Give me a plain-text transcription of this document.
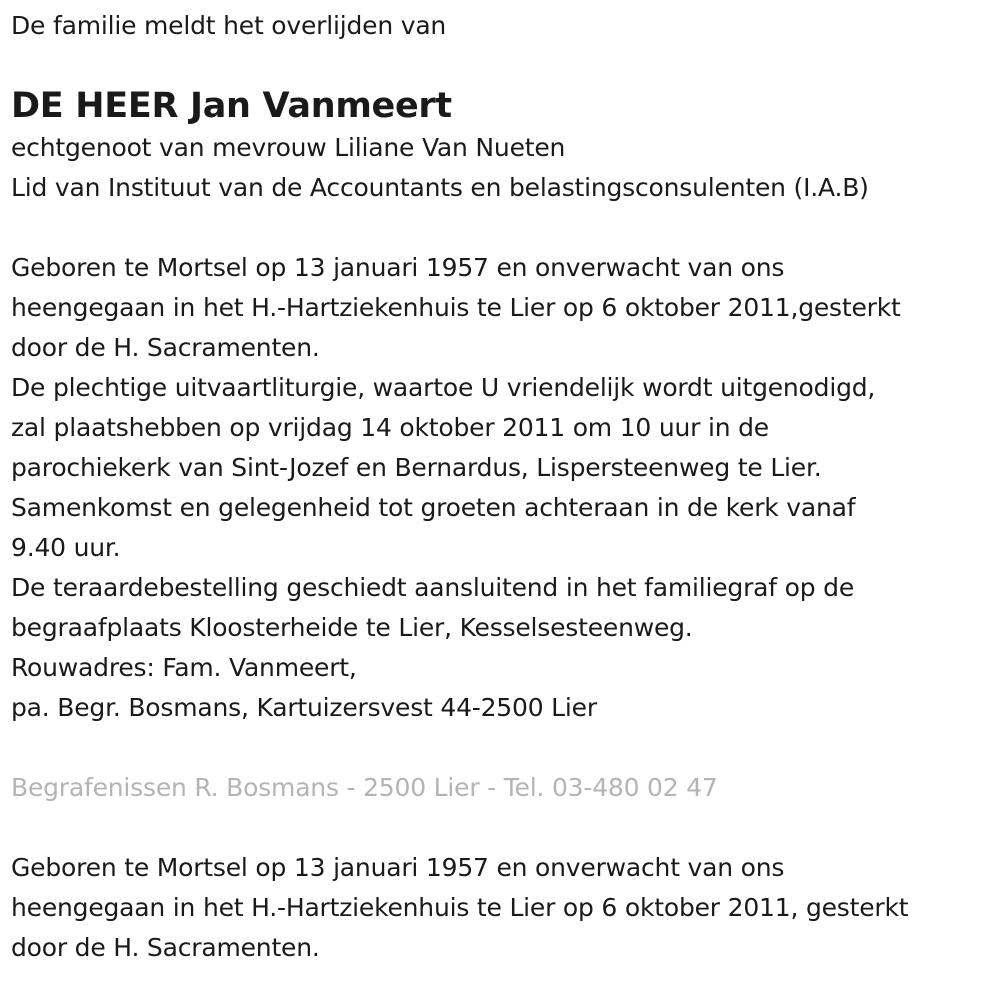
De familie meldt het overlijden van
DE HEER Jan Vanmeert
echtgenoot van mevrouw Liliane Van Nueten
Lid van Instituut van de Accountants en belastingsconsulenten (I.A.B)
Geboren te Mortsel op 13 januari 1957 en onverwacht van ons
heengegaan in het H.-Hartziekenhuis te Lier op 6 oktober 2011,gesterkt
door de H. Sacramenten.
De plechtige uitvaartliturgie, waartoe U vriendelijk wordt uitgenodigd,
zal plaatshebben op vrijdag 14 oktober 2011 om 10 uur in de
parochiekerk van Sint-Jozef en Bernardus, Lispersteenweg te Lier.
Samenkomst en gelegenheid tot groeten achteraan in de kerk vanaf
9.40 uur.
De teraardebestelling geschiedt aansluitend in het familiegraf op de
begraafplaats Kloosterheide te Lier, Kesselsesteenweg.
Rouwadres: Fam. Vanmeert,
pa. Begr. Bosmans, Kartuizersvest 44-2500 Lier
Begrafenissen R. Bosmans - 2500 Lier - Tel. 03-480 02 47
Geboren te Mortsel op 13 januari 1957 en onverwacht van ons
heengegaan in het H.-Hartziekenhuis te Lier op 6 oktober 2011, gesterkt
door de H. Sacramenten.
